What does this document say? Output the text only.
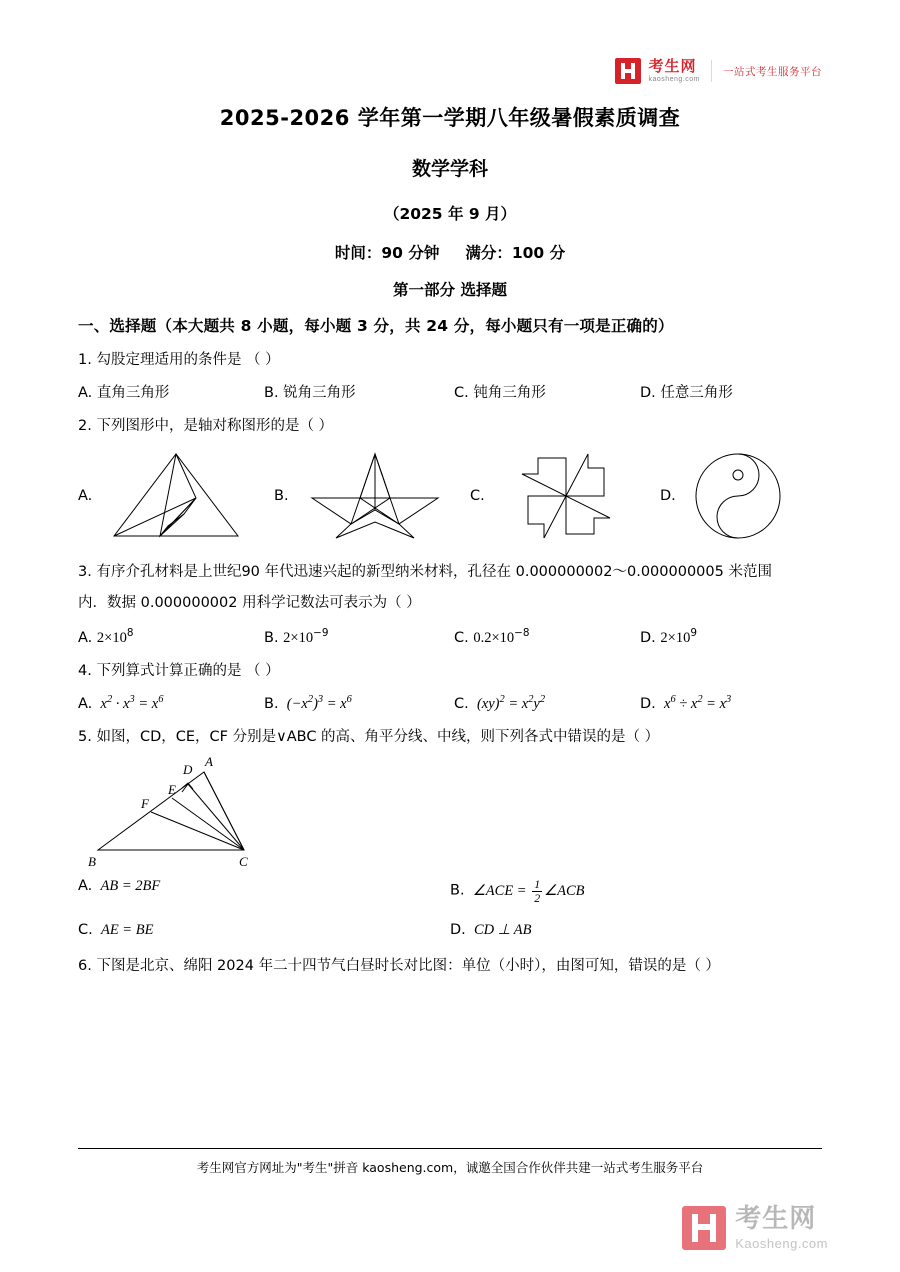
考生网
kaosheng.com
一站式考生服务平台
2025-2026 学年第一学期八年级暑假素质调查
数学学科
（2025 年 9 月）
时间：90 分钟 满分：100 分
第一部分 选择题
一、选择题（本大题共 8 小题，每小题 3 分，共 24 分，每小题只有一项是正确的）
1. 勾股定理适用的条件是 （ ）
A. 直角三角形	B. 锐角三角形	C. 钝角三角形	D. 任意三角形
2. 下列图形中，是轴对称图形的是（ ）
A.	B.	C.	D.
3. 有序介孔材料是上世纪90 年代迅速兴起的新型纳米材料，孔径在 0.000000002～0.000000005 米范围
内．数据 0.000000002 用科学记数法可表示为（ ）
A. $2\times 10^8$	B. $2\times 10^{-9}$	C. $0.2\times 10^{-8}$	D. $2\times 10^9$
4. 下列算式计算正确的是 （ ）
A.  $x^2 \cdot x^3 = x^6$	B.  $(-x^2)^3 = x^6$	C.  $(xy)^2 = x^2y^2$	D.  $x^6 \div x^2 = x^3$
5. 如图，CD，CE，CF 分别是∨ABC 的高、角平分线、中线，则下列各式中错误的是（ ）
B	C
A
D
E
F
A.  AB = 2BF	B.  ∠ACE = $\frac{1}{2}$ ∠ACB
C.  AE = BE	D.  CD ⊥ AB
6. 下图是北京、绵阳 2024 年二十四节气白昼时长对比图：单位（小时），由图可知，错误的是（ ）
考生网官方网址为"考生"拼音 kaosheng.com，诚邀全国合作伙伴共建一站式考生服务平台
考生网
Kaosheng.com
